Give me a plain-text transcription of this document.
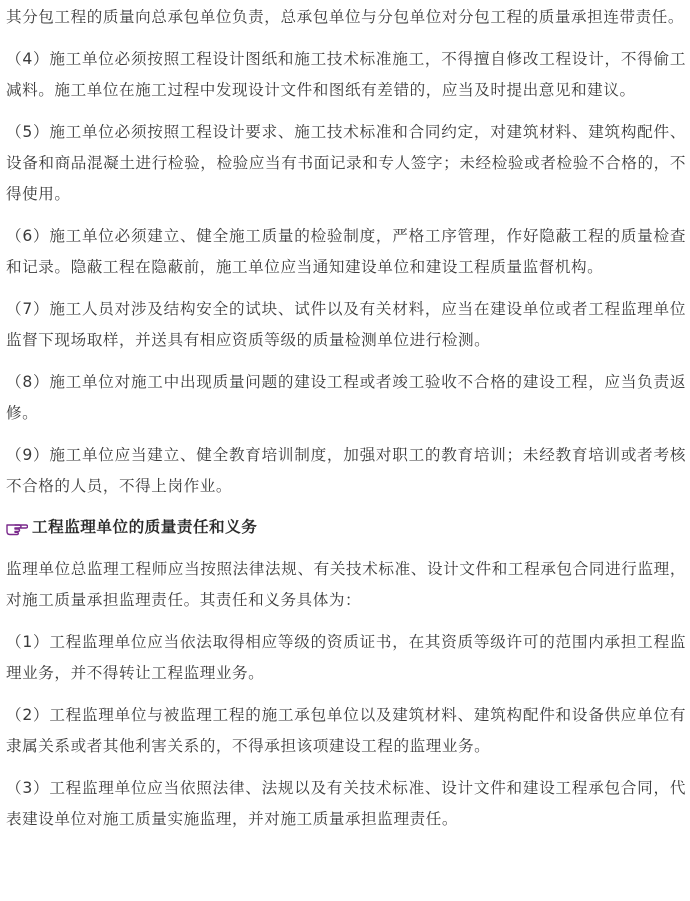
其分包工程的质量向总承包单位负责，总承包单位与分包单位对分包工程的质量承担连带责任。

（4）施工单位必须按照工程设计图纸和施工技术标准施工，不得擅自修改工程设计，不得偷工减料。施工单位在施工过程中发现设计文件和图纸有差错的，应当及时提出意见和建议。

（5）施工单位必须按照工程设计要求、施工技术标准和合同约定，对建筑材料、建筑构配件、设备和商品混凝土进行检验，检验应当有书面记录和专人签字；未经检验或者检验不合格的，不得使用。

（6）施工单位必须建立、健全施工质量的检验制度，严格工序管理，作好隐蔽工程的质量检查和记录。隐蔽工程在隐蔽前，施工单位应当通知建设单位和建设工程质量监督机构。

（7）施工人员对涉及结构安全的试块、试件以及有关材料，应当在建设单位或者工程监理单位监督下现场取样，并送具有相应资质等级的质量检测单位进行检测。

（8）施工单位对施工中出现质量问题的建设工程或者竣工验收不合格的建设工程，应当负责返修。

（9）施工单位应当建立、健全教育培训制度，加强对职工的教育培训；未经教育培训或者考核不合格的人员，不得上岗作业。

工程监理单位的质量责任和义务

监理单位总监理工程师应当按照法律法规、有关技术标准、设计文件和工程承包合同进行监理，对施工质量承担监理责任。其责任和义务具体为：

（1）工程监理单位应当依法取得相应等级的资质证书，在其资质等级许可的范围内承担工程监理业务，并不得转让工程监理业务。

（2）工程监理单位与被监理工程的施工承包单位以及建筑材料、建筑构配件和设备供应单位有隶属关系或者其他利害关系的，不得承担该项建设工程的监理业务。

（3）工程监理单位应当依照法律、法规以及有关技术标准、设计文件和建设工程承包合同，代表建设单位对施工质量实施监理，并对施工质量承担监理责任。
